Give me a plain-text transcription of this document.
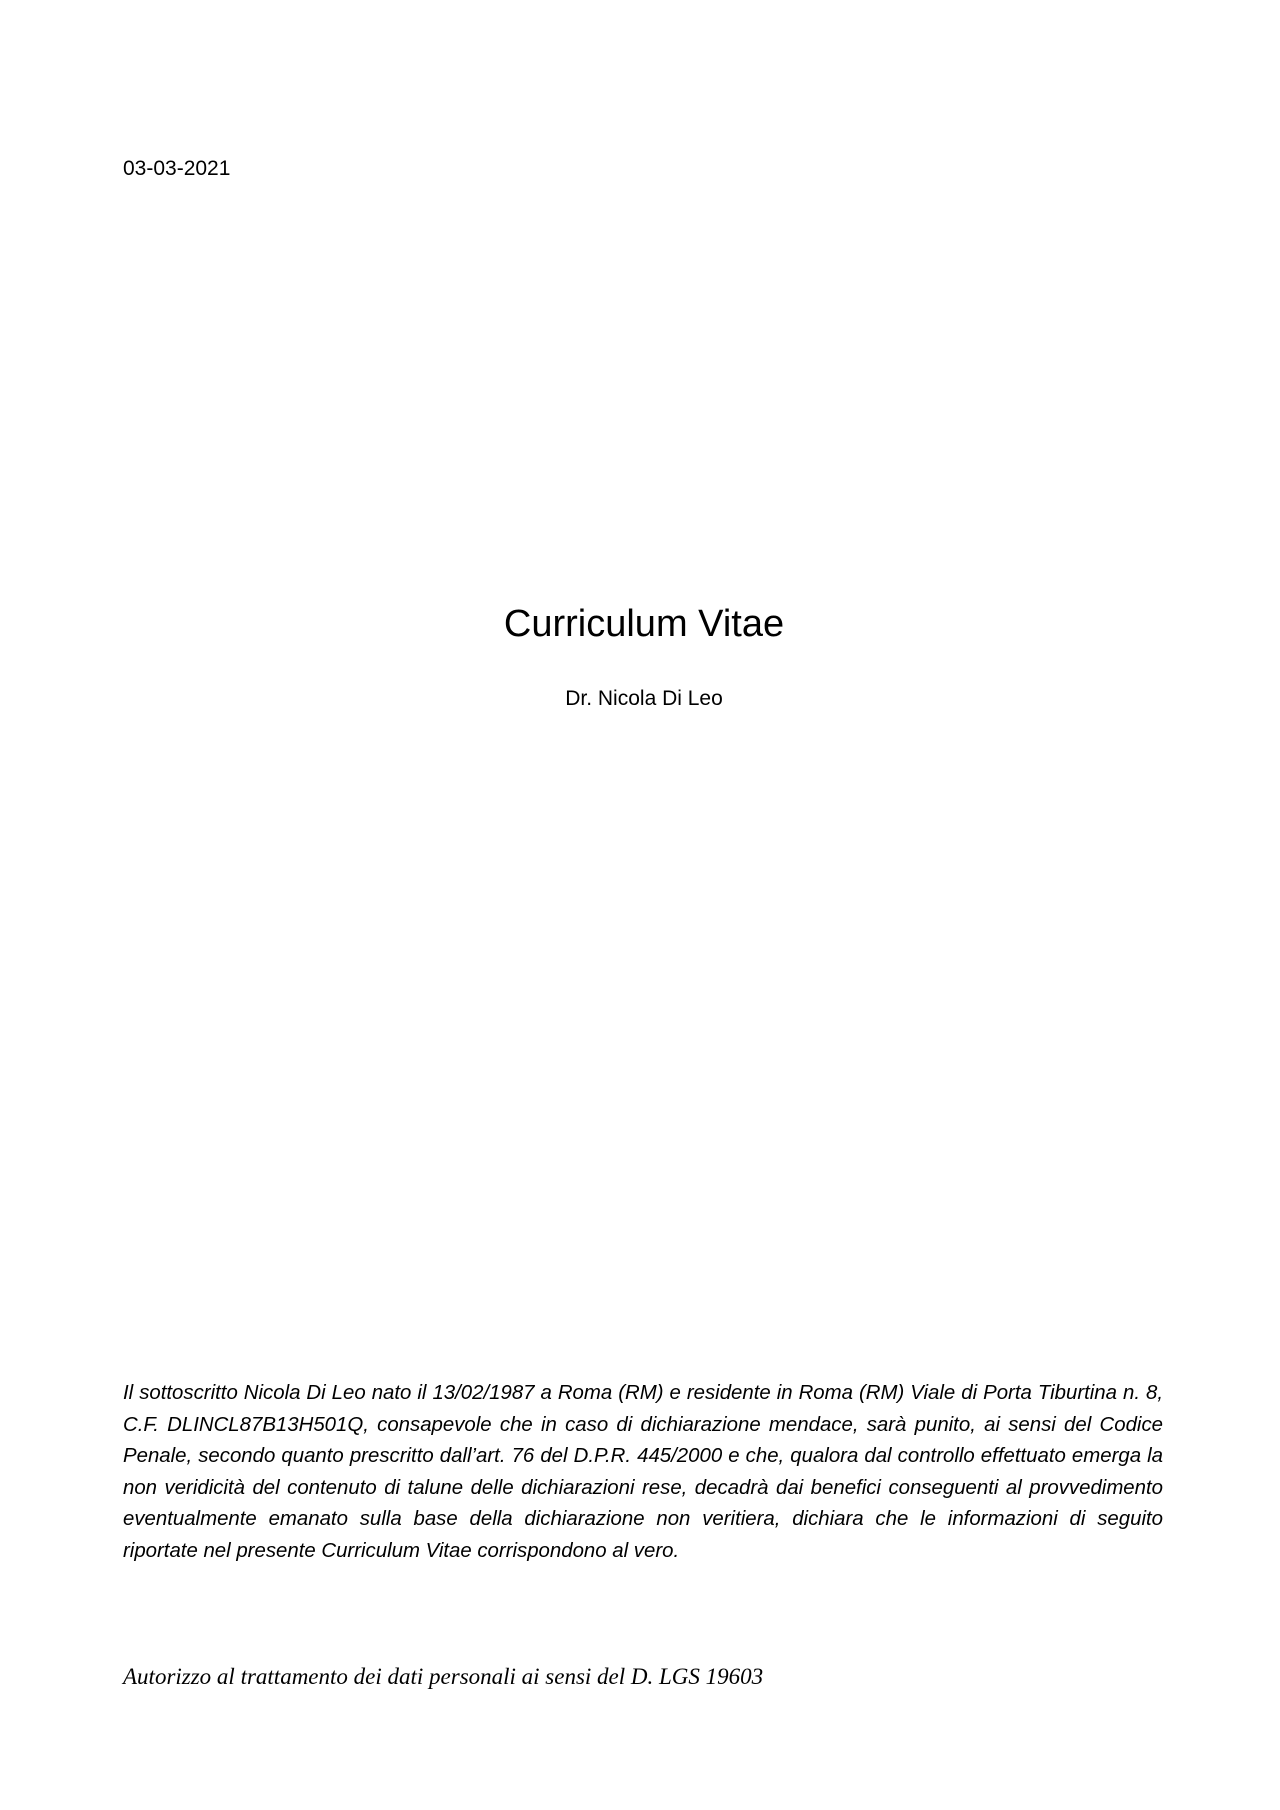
03-03-2021
Curriculum Vitae
Dr. Nicola Di Leo

Il sottoscritto Nicola Di Leo nato il 13/02/1987 a Roma (RM) e residente in Roma (RM) Viale di Porta Tiburtina n. 8, C.F. DLINCL87B13H501Q, consapevole che in caso di dichiarazione mendace, sarà punito, ai sensi del Codice Penale, secondo quanto prescritto dall’art. 76 del D.P.R. 445/2000 e che, qualora dal controllo effettuato emerga la non veridicità del contenuto di talune delle dichiarazioni rese, decadrà dai benefici conseguenti al provvedimento eventualmente emanato sulla base della dichiarazione non veritiera, dichiara che le informazioni di seguito riportate nel presente Curriculum Vitae corrispondono al vero.

Autorizzo al trattamento dei dati personali ai sensi del D. LGS 19603
